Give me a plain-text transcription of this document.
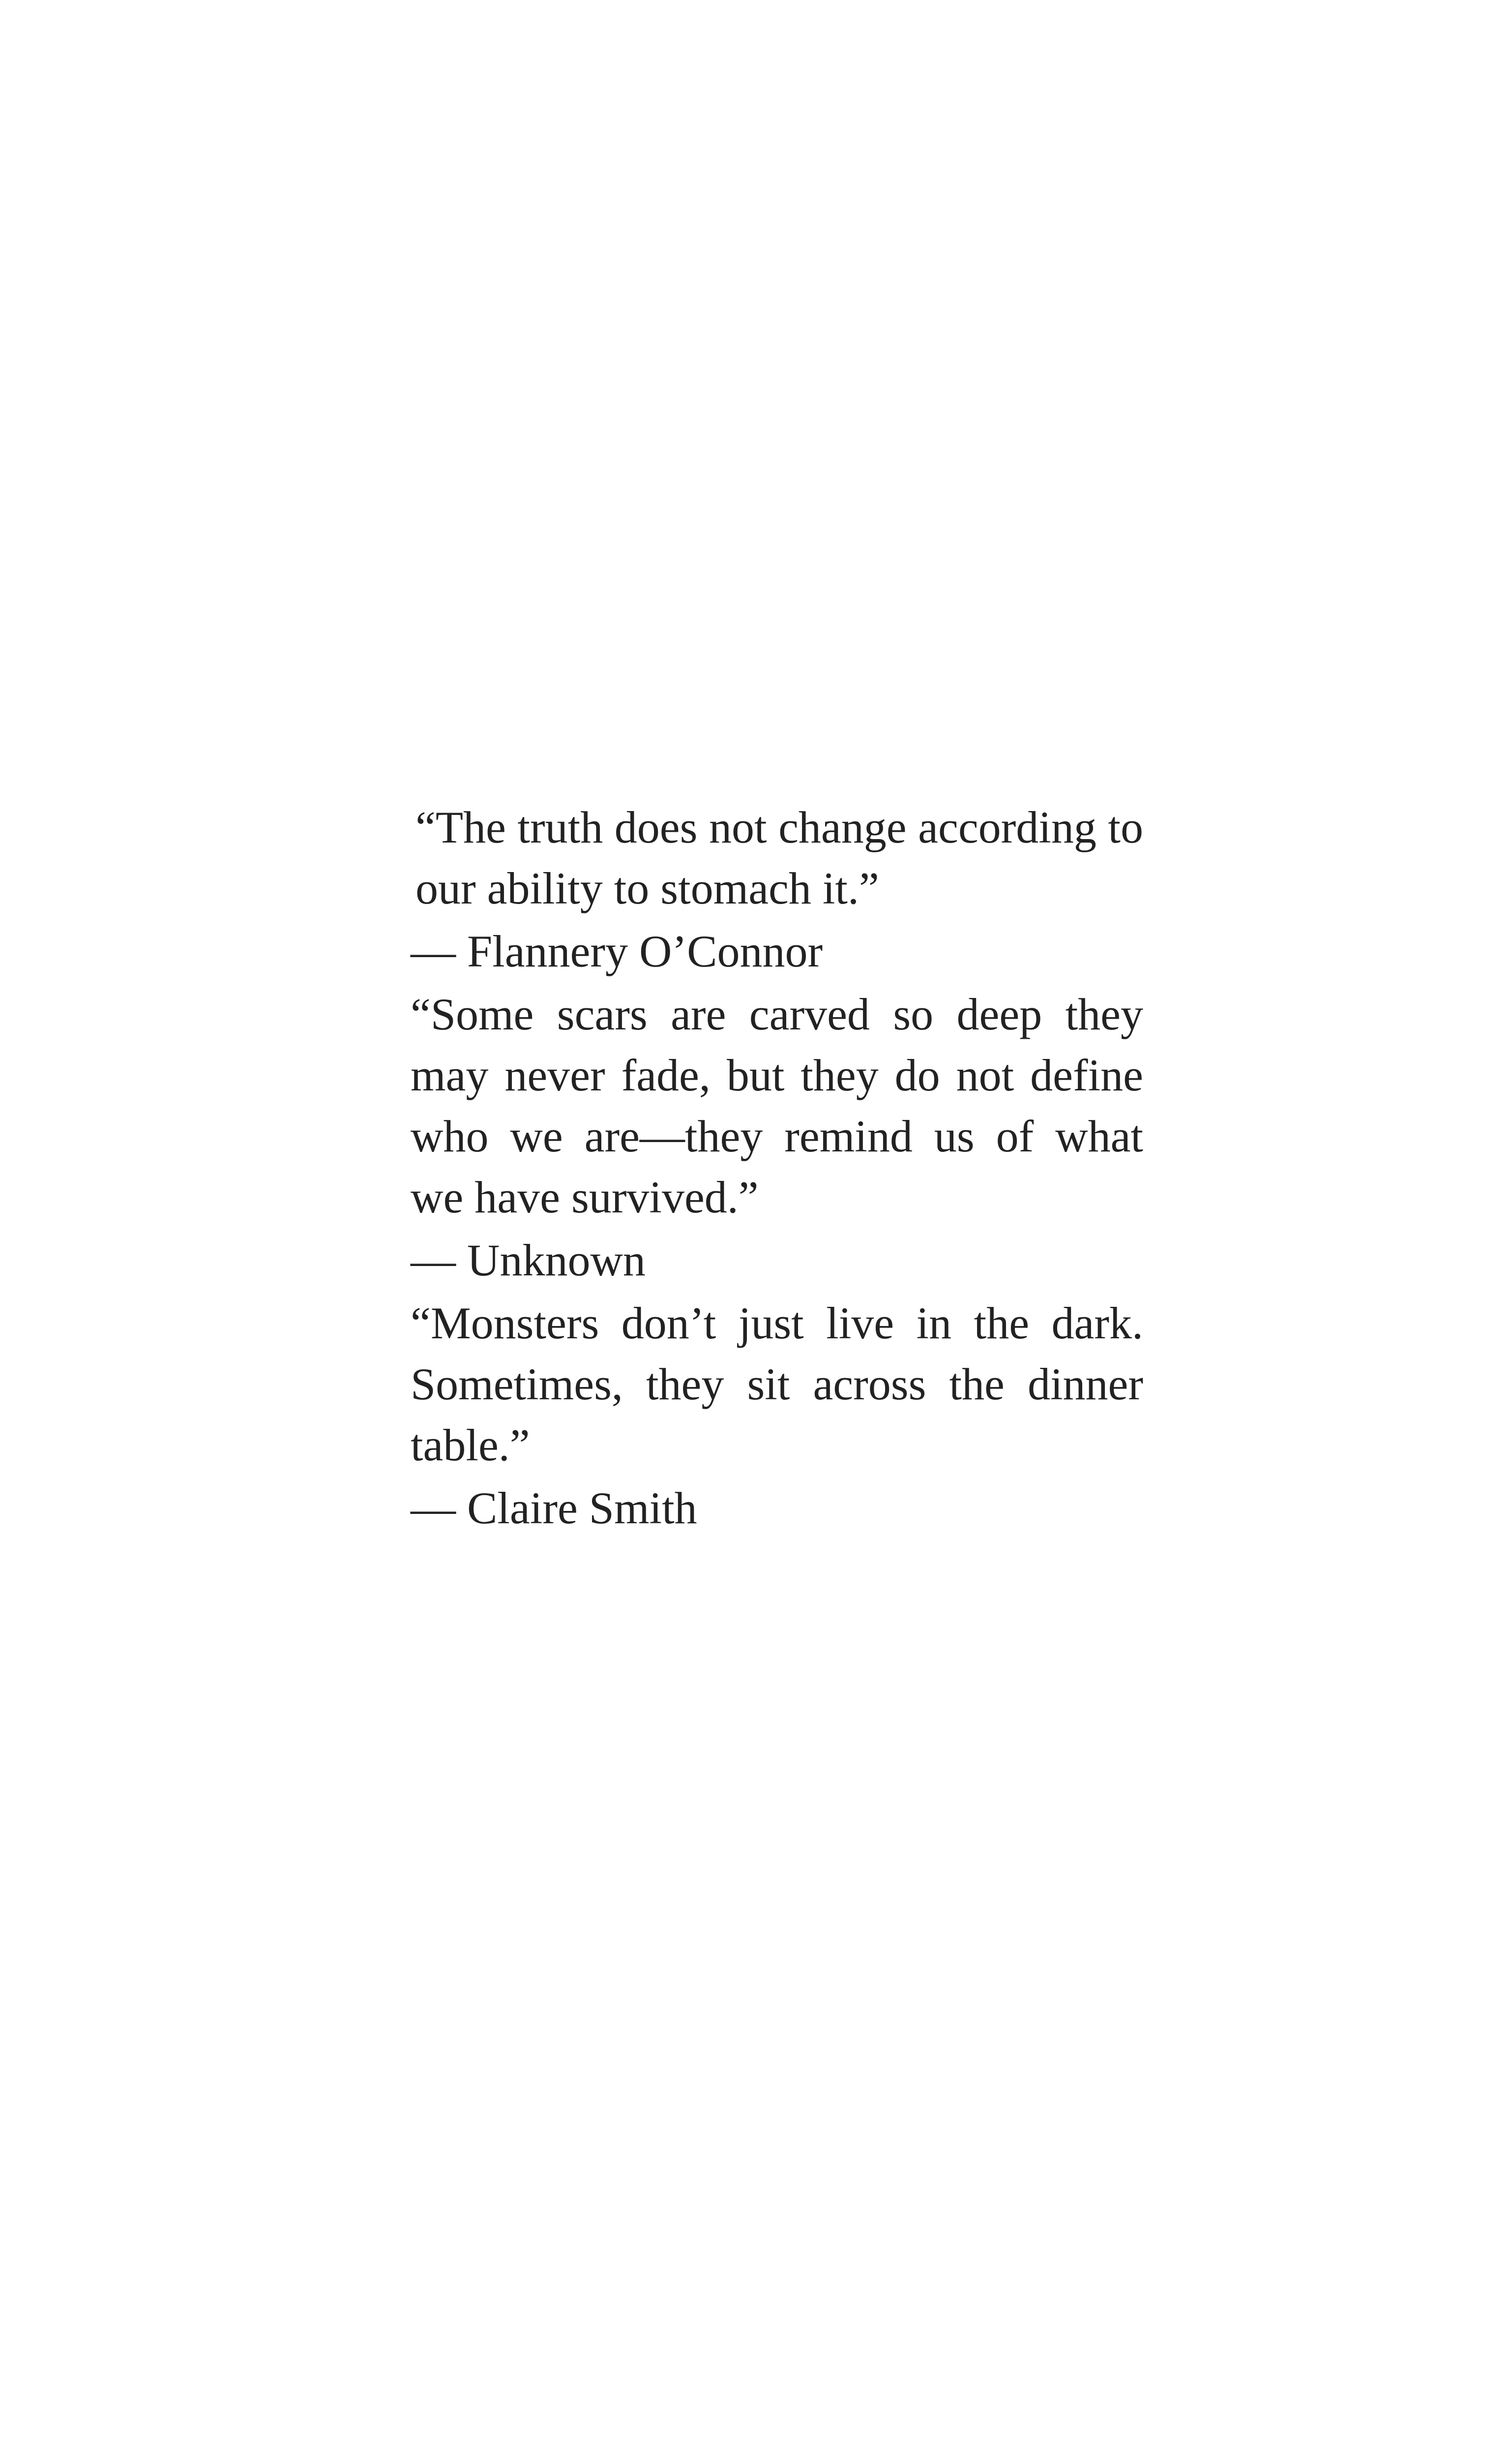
“The truth does not change according to our ability to stomach it.”

— Flannery O’Connor

“Some scars are carved so deep they may never fade, but they do not define who we are—they remind us of what we have survived.”

— Unknown

“Monsters don’t just live in the dark. Sometimes, they sit across the dinner table.”

— Claire Smith
